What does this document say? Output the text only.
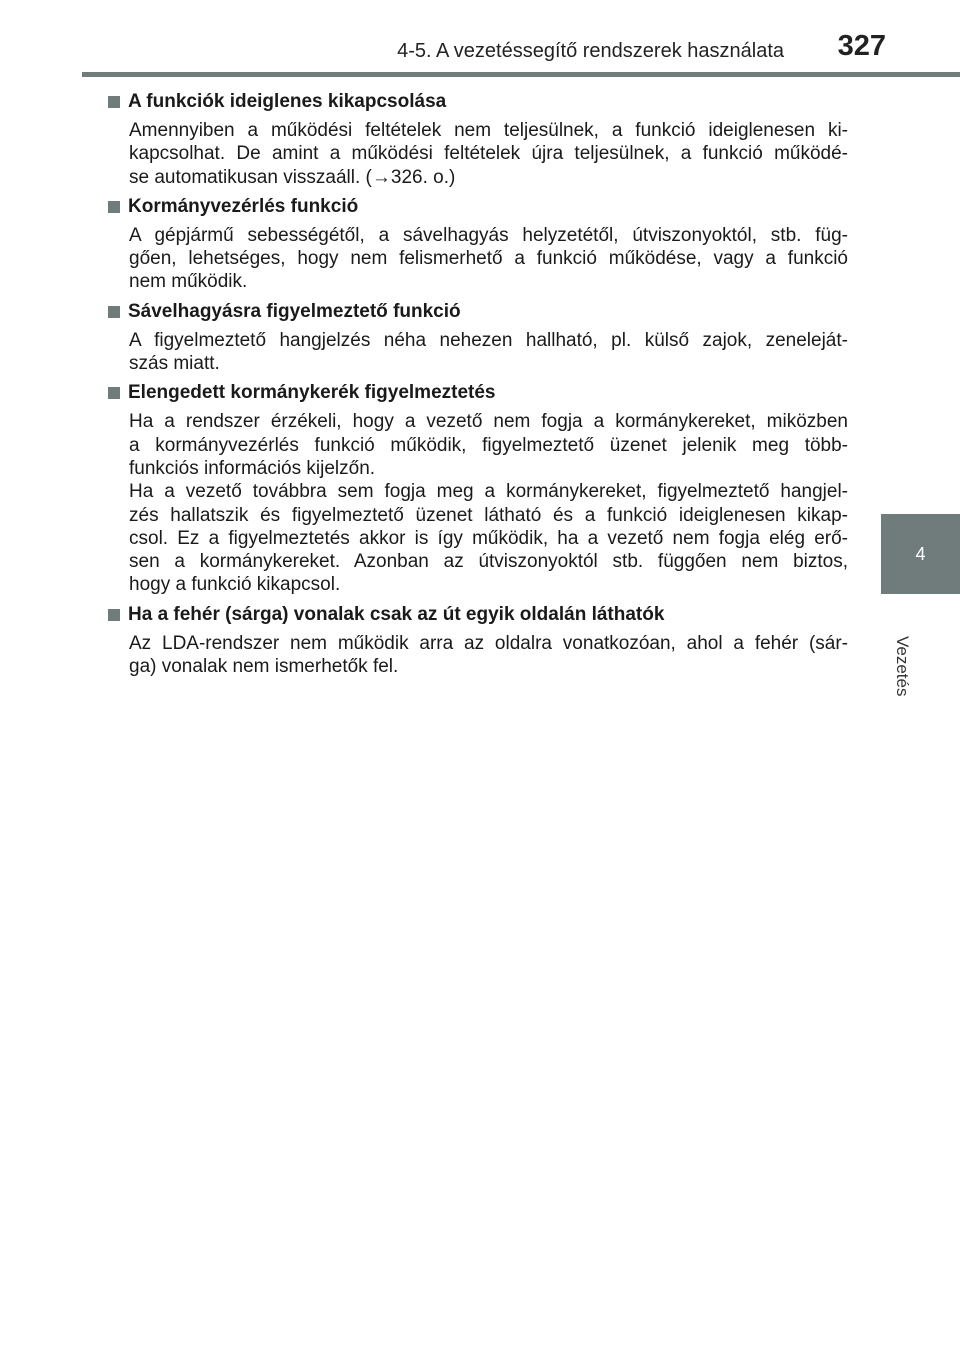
4-5. A vezetéssegítő rendszerek használata	327
4
Vezetés
A funkciók ideiglenes kikapcsolása

Amennyiben a működési feltételek nem teljesülnek, a funkció ideiglenesen ki-
kapcsolhat. De amint a működési feltételek újra teljesülnek, a funkció működé-
se automatikusan visszaáll. (→326. o.)

Kormányvezérlés funkció

A gépjármű sebességétől, a sávelhagyás helyzetétől, útviszonyoktól, stb. füg-
gően, lehetséges, hogy nem felismerhető a funkció működése, vagy a funkció
nem működik.

Sávelhagyásra figyelmeztető funkció

A figyelmeztető hangjelzés néha nehezen hallható, pl. külső zajok, zeneleját-
szás miatt.

Elengedett kormánykerék figyelmeztetés

Ha a rendszer érzékeli, hogy a vezető nem fogja a kormánykereket, miközben
a kormányvezérlés funkció működik, figyelmeztető üzenet jelenik meg több-
funkciós információs kijelzőn.
Ha a vezető továbbra sem fogja meg a kormánykereket, figyelmeztető hangjel-
zés hallatszik és figyelmeztető üzenet látható és a funkció ideiglenesen kikap-
csol. Ez a figyelmeztetés akkor is így működik, ha a vezető nem fogja elég erő-
sen a kormánykereket. Azonban az útviszonyoktól stb. függően nem biztos,
hogy a funkció kikapcsol.

Ha a fehér (sárga) vonalak csak az út egyik oldalán láthatók

Az LDA-rendszer nem működik arra az oldalra vonatkozóan, ahol a fehér (sár-
ga) vonalak nem ismerhetők fel.
